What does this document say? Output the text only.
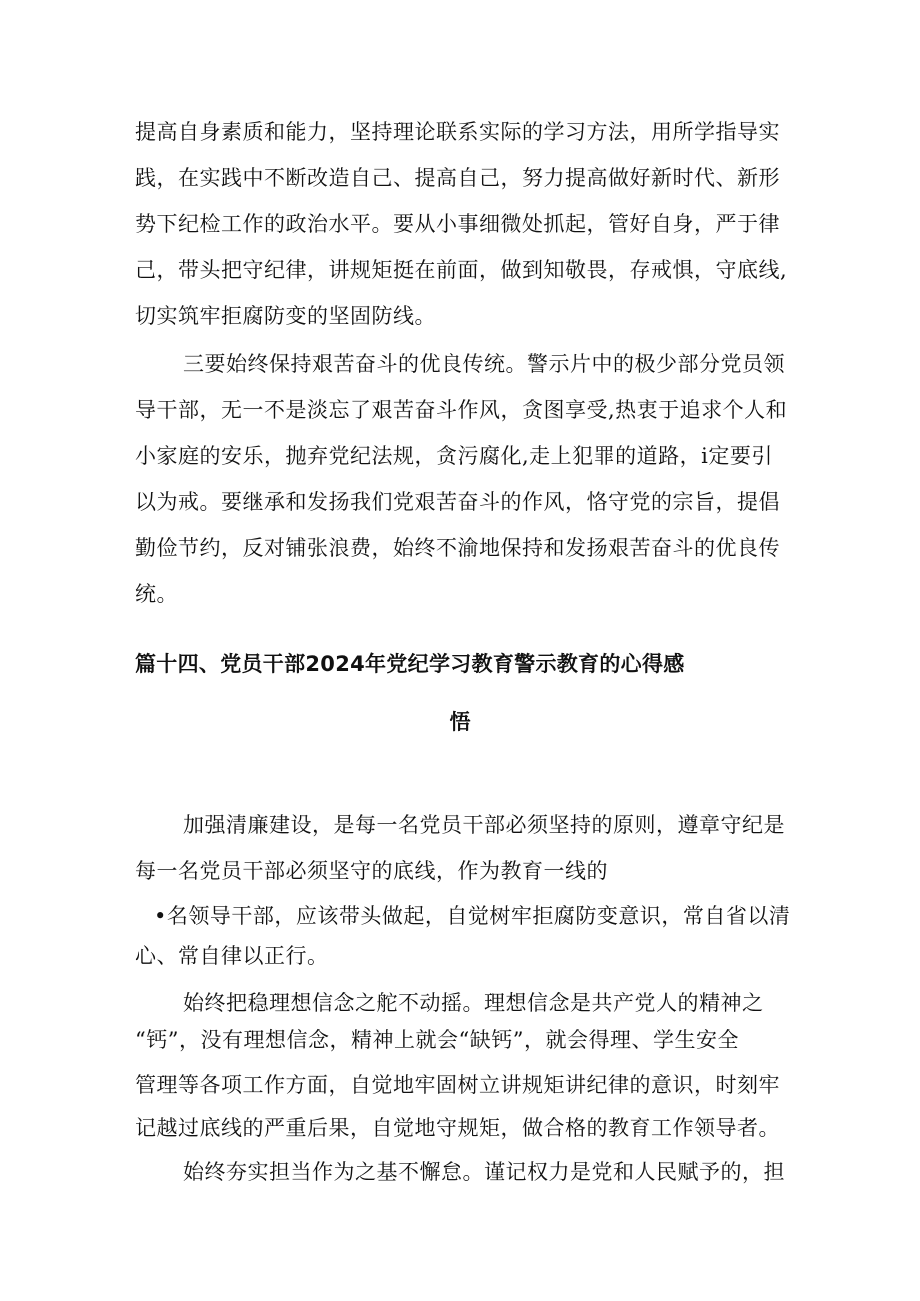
提高自身素质和能力，坚持理论联系实际的学习方法，用所学指导实
践，在实践中不断改造自己、提高自己，努力提高做好新时代、新形
势下纪检工作的政治水平。要从小事细微处抓起，管好自身，严于律
己，带头把守纪律，讲规矩挺在前面，做到知敬畏，存戒惧，守底线,
切实筑牢拒腐防变的坚固防线。
三要始终保持艰苦奋斗的优良传统。警示片中的极少部分党员领
导干部，无一不是淡忘了艰苦奋斗作风，贪图享受,热衷于追求个人和
小家庭的安乐，抛弃党纪法规，贪污腐化,走上犯罪的道路，i定要引
以为戒。要继承和发扬我们党艰苦奋斗的作风，恪守党的宗旨，提倡
勤俭节约，反对铺张浪费，始终不渝地保持和发扬艰苦奋斗的优良传
统。
篇十四、党员干部2024年党纪学习教育警示教育的心得感
悟
加强清廉建设，是每一名党员干部必须坚持的原则，遵章守纪是
每一名党员干部必须坚守的底线，作为教育一线的
•名领导干部，应该带头做起，自觉树牢拒腐防变意识，常自省以清
心、常自律以正行。
始终把稳理想信念之舵不动摇。理想信念是共产党人的精神之
“钙”，没有理想信念，精神上就会“缺钙”，就会得理、学生安全
管理等各项工作方面，自觉地牢固树立讲规矩讲纪律的意识，时刻牢
记越过底线的严重后果，自觉地守规矩，做合格的教育工作领导者。
始终夯实担当作为之基不懈怠。谨记权力是党和人民赋予的，担
